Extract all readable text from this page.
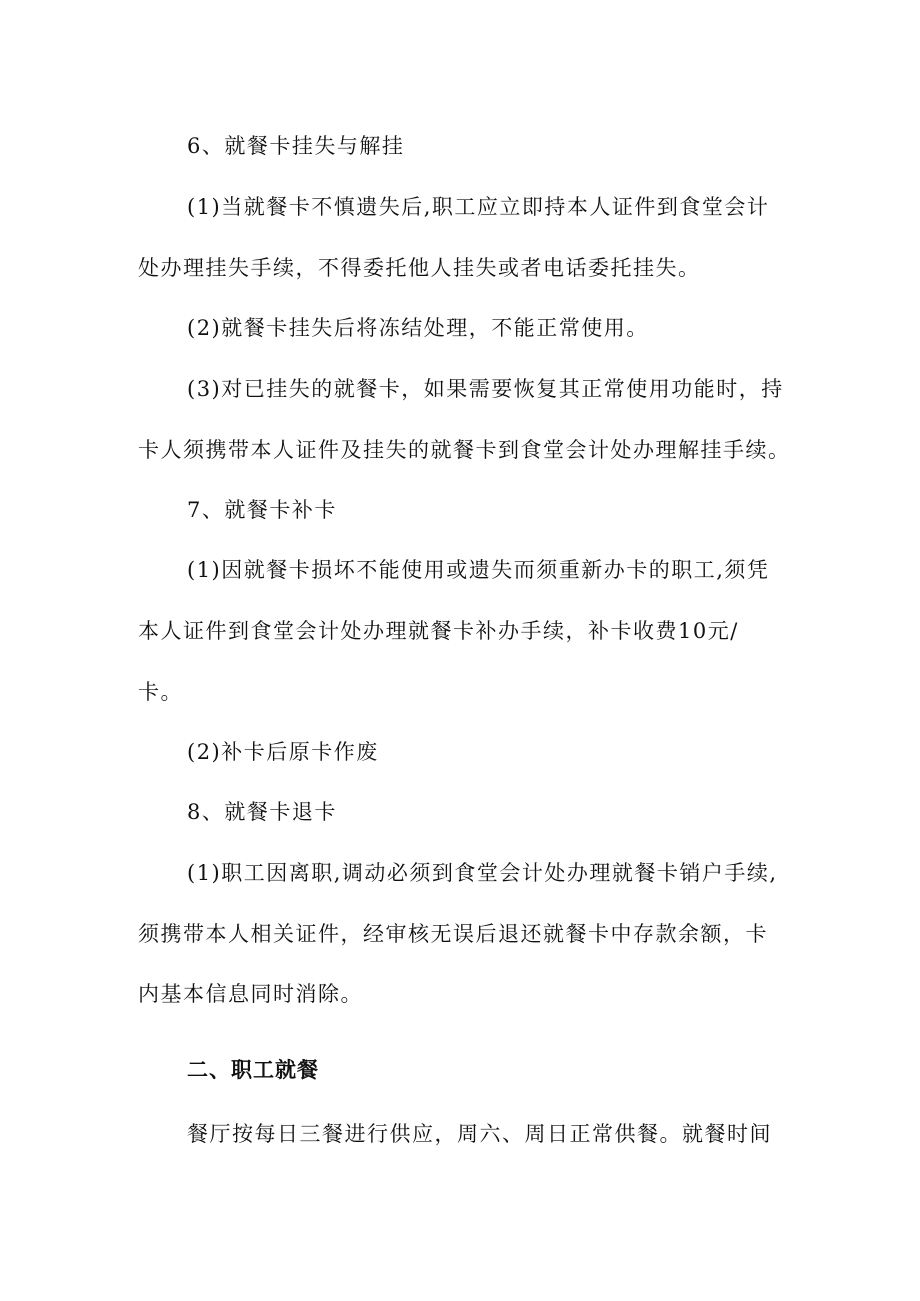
6、就餐卡挂失与解挂
(1)当就餐卡不慎遗失后,职工应立即持本人证件到食堂会计
处办理挂失手续，不得委托他人挂失或者电话委托挂失。
(2)就餐卡挂失后将冻结处理，不能正常使用。
(3)对已挂失的就餐卡，如果需要恢复其正常使用功能时，持
卡人须携带本人证件及挂失的就餐卡到食堂会计处办理解挂手续。
7、就餐卡补卡
(1)因就餐卡损坏不能使用或遗失而须重新办卡的职工,须凭
本人证件到食堂会计处办理就餐卡补办手续，补卡收费10元/
卡。
(2)补卡后原卡作废
8、就餐卡退卡
(1)职工因离职,调动必须到食堂会计处办理就餐卡销户手续,
须携带本人相关证件，经审核无误后退还就餐卡中存款余额，卡
内基本信息同时消除。
二、职工就餐
餐厅按每日三餐进行供应，周六、周日正常供餐。就餐时间
